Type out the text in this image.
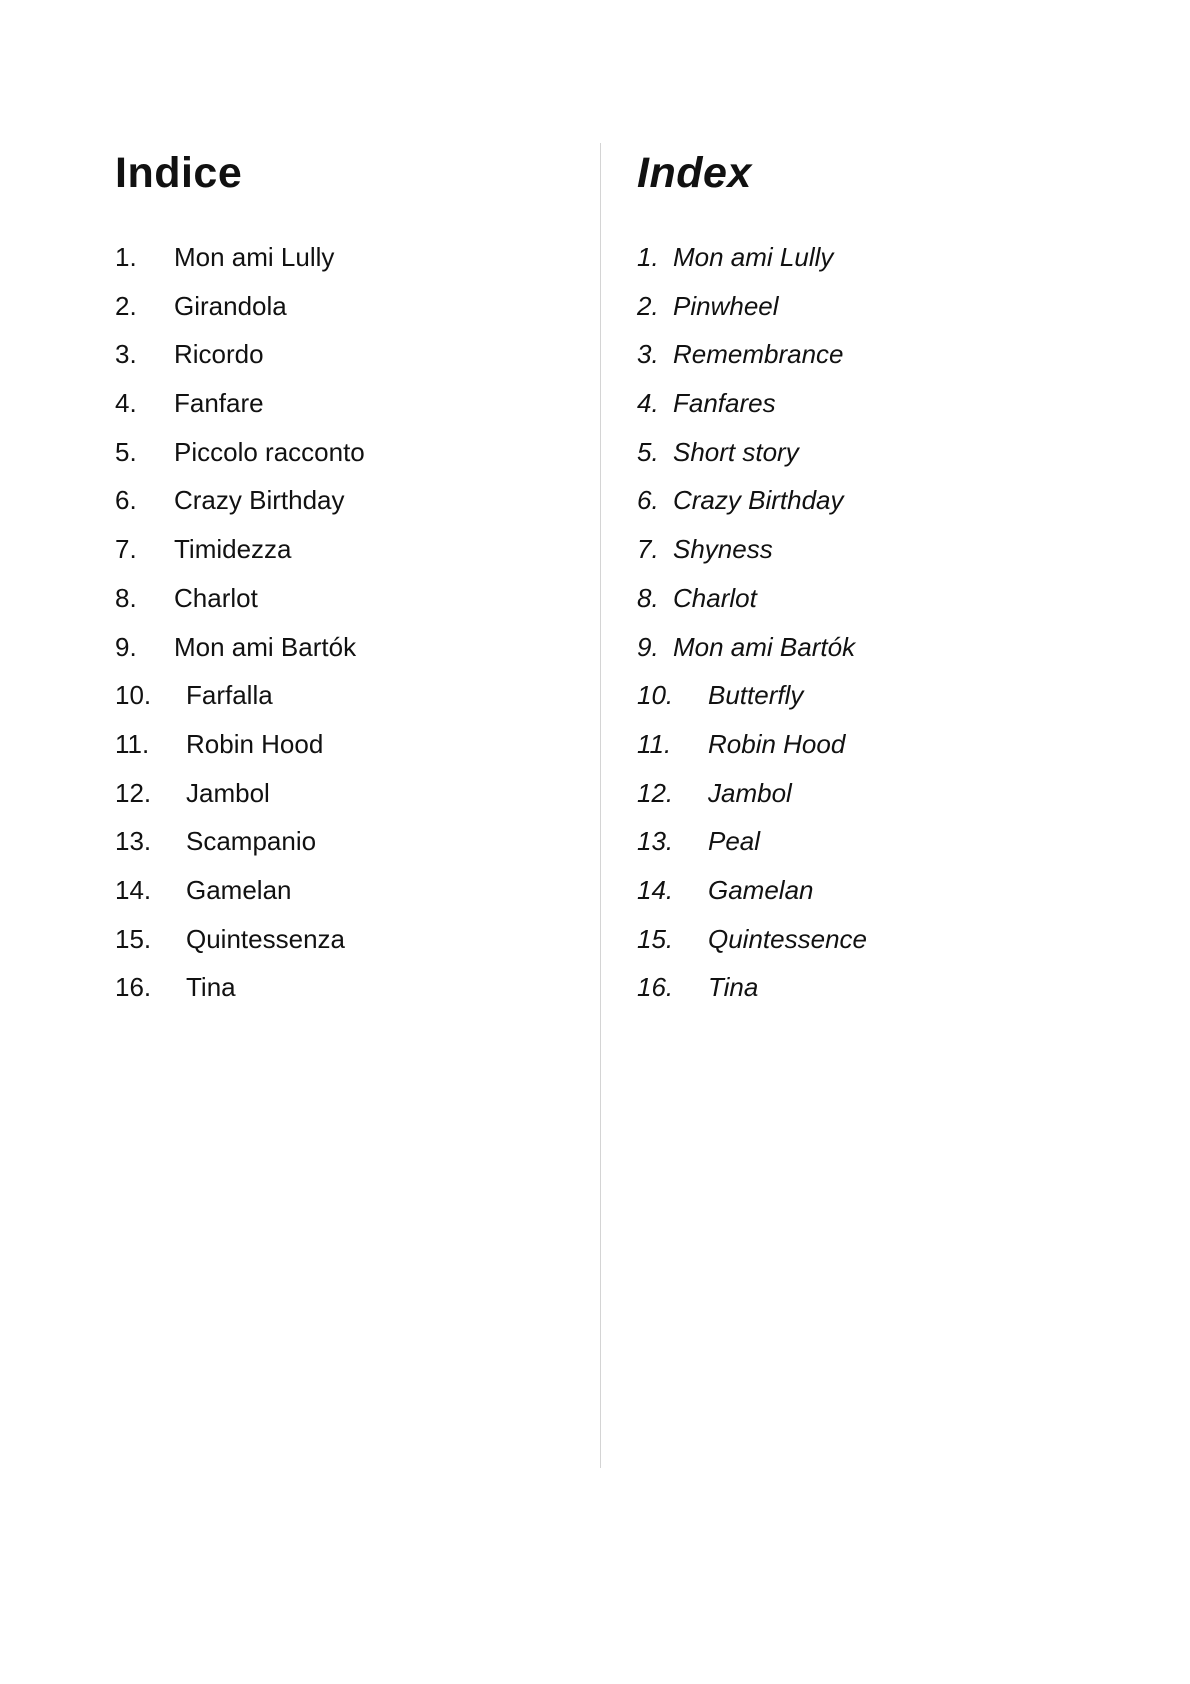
Indice
1.	Mon ami Lully
2.	Girandola
3.	Ricordo
4.	Fanfare
5.	Piccolo racconto
6.	Crazy Birthday
7.	Timidezza
8.	Charlot
9.	Mon ami Bartók
10.	Farfalla
11.	Robin Hood
12.	Jambol
13.	Scampanio
14.	Gamelan
15.	Quintessenza
16.	Tina
Index
1. Mon ami Lully
2. Pinwheel
3. Remembrance
4. Fanfares
5. Short story
6. Crazy Birthday
7. Shyness
8. Charlot
9. Mon ami Bartók
10.	Butterfly
11.	Robin Hood
12.	Jambol
13.	Peal
14.	Gamelan
15.	Quintessence
16.	Tina
